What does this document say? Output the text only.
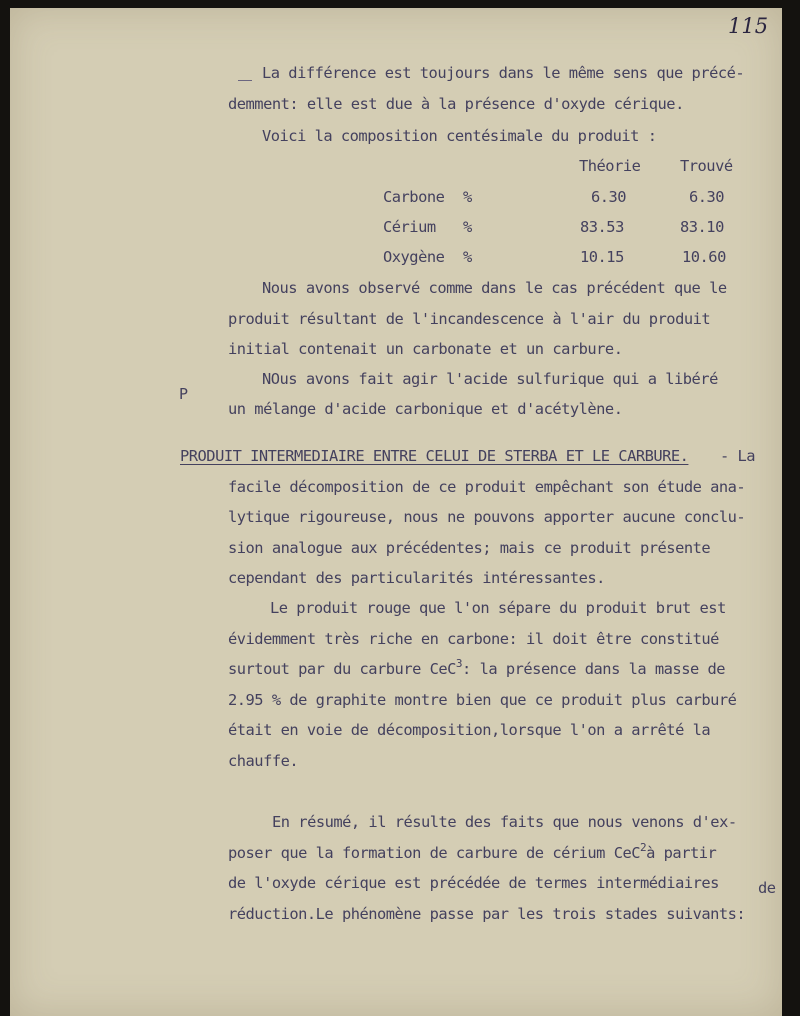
115
La différence est toujours dans le même sens que précé-
demment: elle est due à la présence d'oxyde cérique.
Voici la composition centésimale du produit :
Théorie	Trouvé
Carbone %	6.30	6.30
Cérium %	83.53	83.10
Oxygène %	10.15	10.60
Nous avons observé comme dans le cas précédent que le
produit résultant de l'incandescence à l'air du produit
initial contenait un carbonate et un carbure.
P
NOus avons fait agir l'acide sulfurique qui a libéré
un mélange d'acide carbonique et d'acétylène.
PRODUIT INTERMEDIAIRE ENTRE CELUI DE STERBA ET LE CARBURE. - La
facile décomposition de ce produit empêchant son étude ana-
lytique rigoureuse, nous ne pouvons apporter aucune conclu-
sion analogue aux précédentes; mais ce produit présente
cependant des particularités intéressantes.
Le produit rouge que l'on sépare du produit brut est
évidemment très riche en carbone: il doit être constitué
surtout par du carbure CeC$^3$: la présence dans la masse de
2.95 % de graphite montre bien que ce produit plus carburé
était en voie de décomposition,lorsque l'on a arrêté la
chauffe.
En résumé, il résulte des faits que nous venons d'ex-
poser que la formation de carbure de cérium CeC$^2$à partir
de l'oxyde cérique est précédée de termes intermédiaires	de
réduction.Le phénomène passe par les trois stades suivants:
